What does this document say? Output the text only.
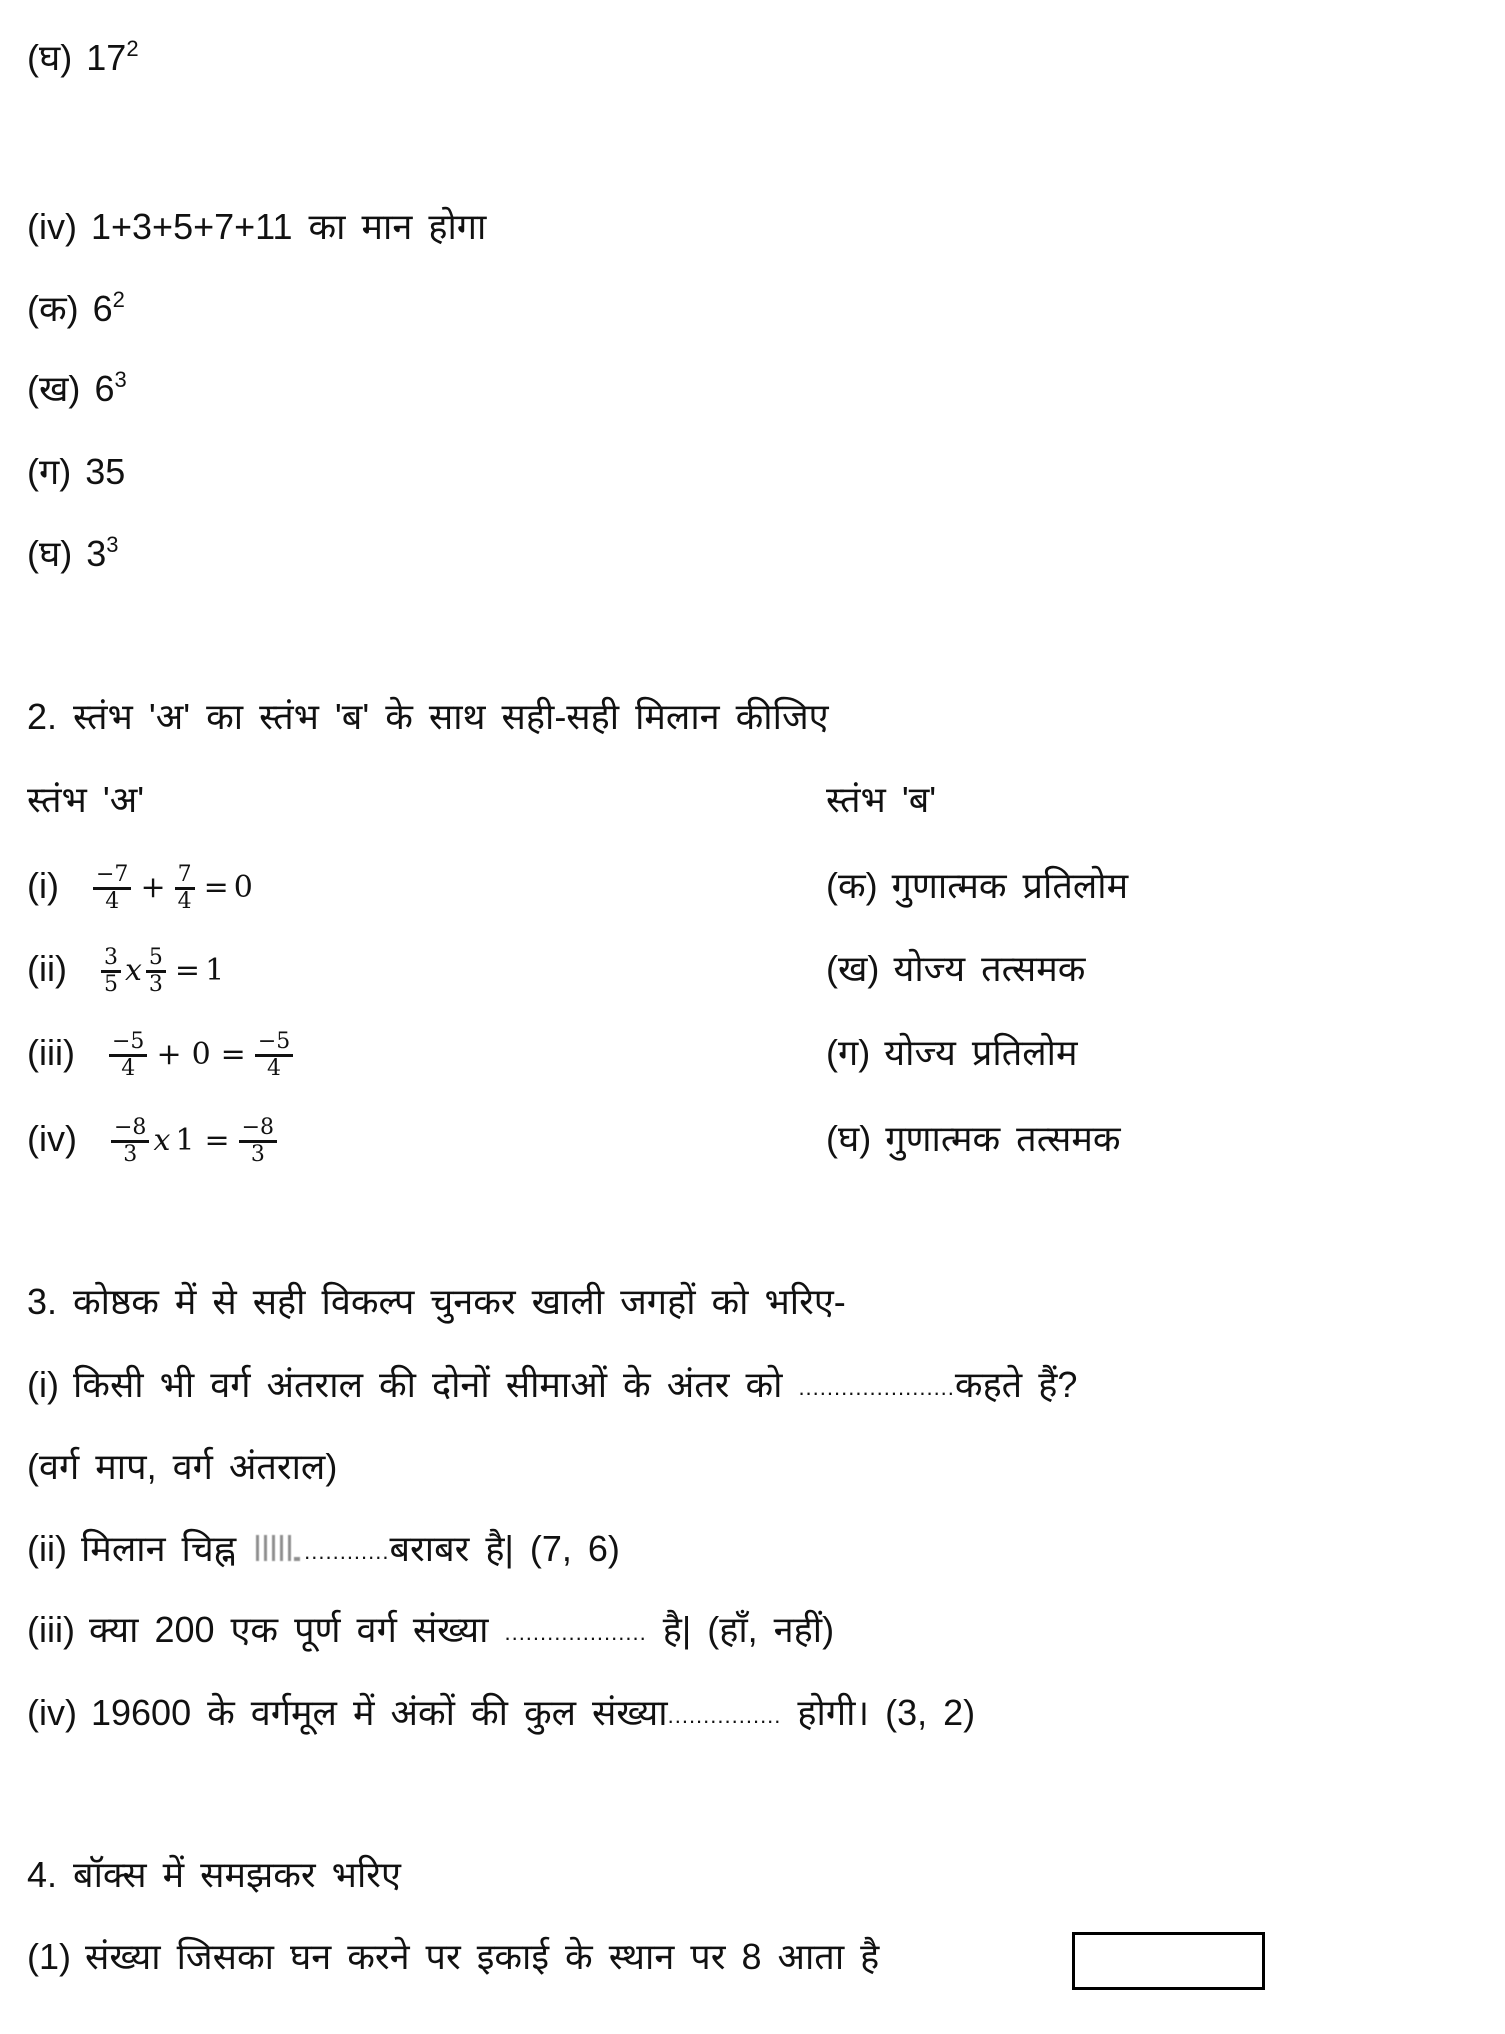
(घ) $17^2$
(iv) 1+3+5+7+11 का मान होगा
(क) $6^2$
(ख) $6^3$
(ग) 35
(घ) $3^3$
2. स्तंभ 'अ' का स्तंभ 'ब' के साथ सही-सही मिलान कीजिए
स्तंभ 'अ'	स्तंभ 'ब'
$(i) \frac{-7}{4} + \frac{7}{4} = 0$
$(ii) \frac{3}{5}$ x $\frac{5}{3} = 1$
$(iii) \frac{-5}{4} + 0 = \frac{-5}{4}$
$(iv) \frac{-8}{3}$ x $1 = \frac{-8}{3}$
(क) गुणात्मक प्रतिलोम
(ख) योज्य तत्समक
(ग) योज्य प्रतिलोम
(घ) गुणात्मक तत्समक
3. कोष्ठक में से सही विकल्प चुनकर खाली जगहों को भरिए-
(i) किसी भी वर्ग अंतराल की दोनों सीमाओं के अंतर को ......................कहते हैं?
(वर्ग माप, वर्ग अंतराल)
(ii) मिलान चिह्न	............बराबर है| (7, 6)
(iii) क्या 200 एक पूर्ण वर्ग संख्या .................... है| (हाँ, नहीं)
(iv) 19600 के वर्गमूल में अंकों की कुल संख्या................ होगी। (3, 2)
4. बॉक्स में समझकर भरिए
(1) संख्या जिसका घन करने पर इकाई के स्थान पर 8 आता है
